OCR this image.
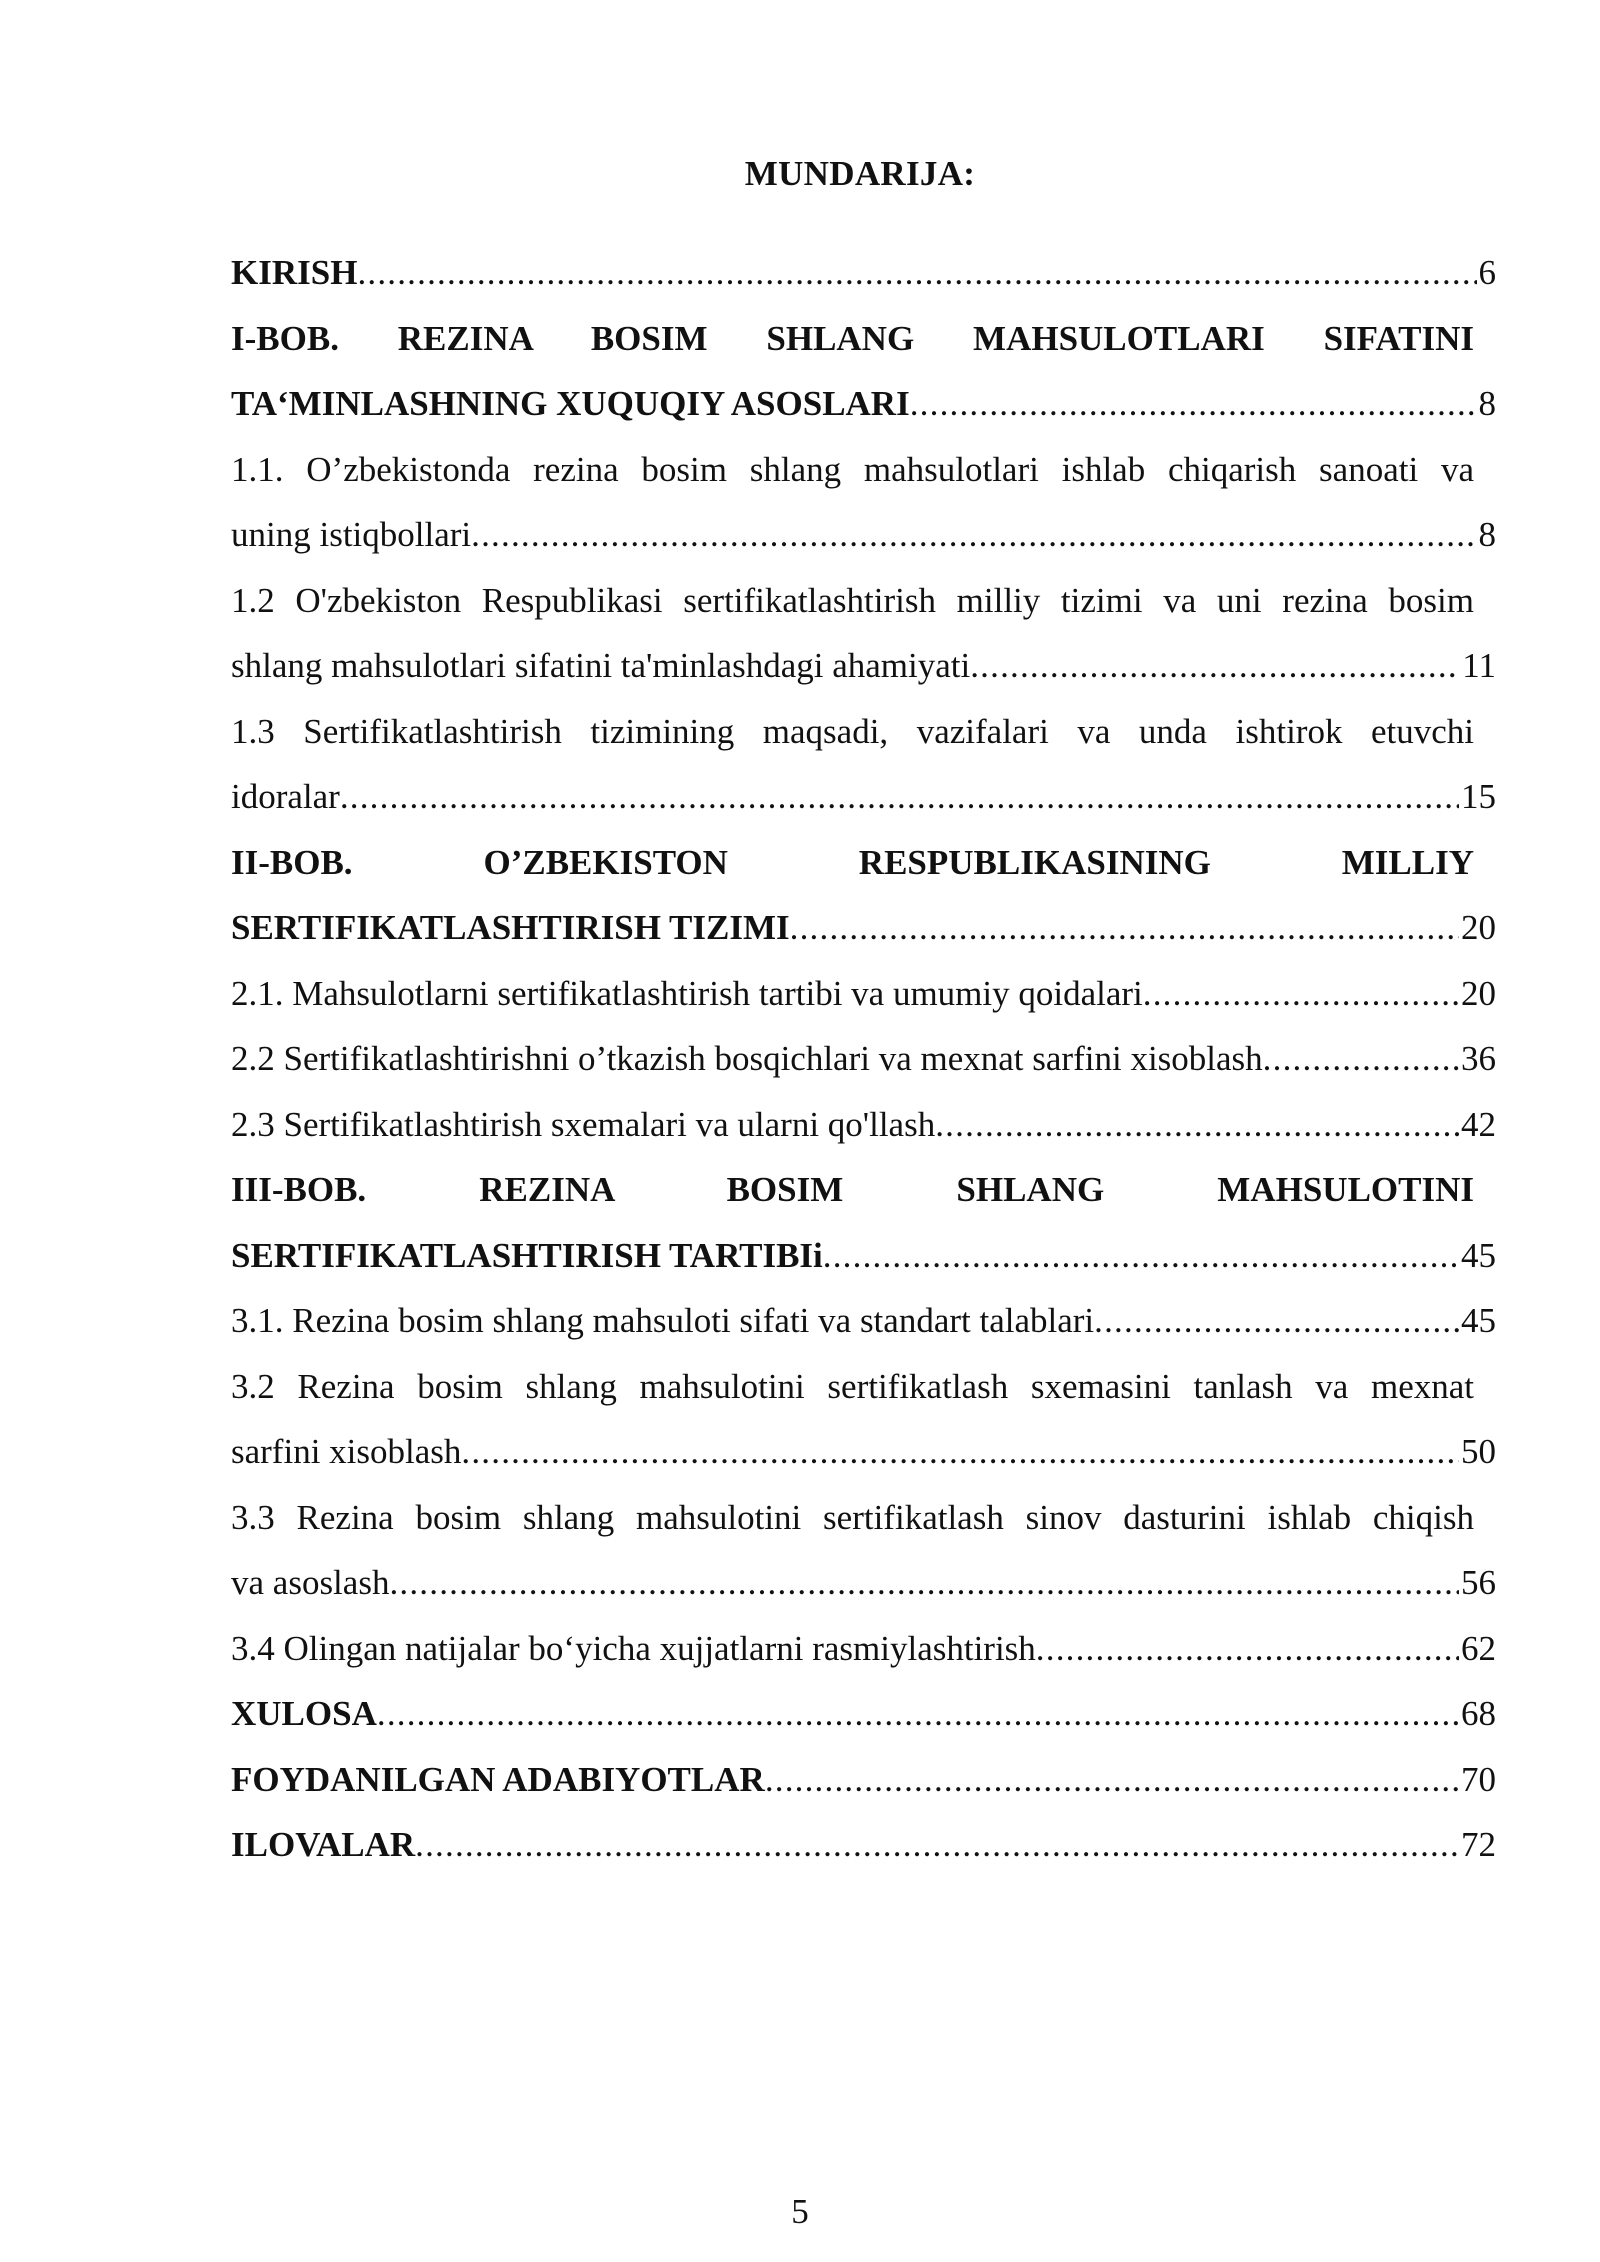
MUNDARIJA:
KIRISH .....	6
I-BOB. REZINA BOSIM SHLANG MAHSULOTLARI SIFATINI
TA‘MINLASHNING XUQUQIY ASOSLARI .....	8
1.1. O’zbekistonda rezina bosim shlang mahsulotlari ishlab chiqarish sanoati va
uning istiqbollari .....	8
1.2 O'zbekiston Respublikasi sertifikatlashtirish milliy tizimi va uni rezina bosim
shlang mahsulotlari sifatini ta'minlashdagi ahamiyati .....	11
1.3 Sertifikatlashtirish tizimining maqsadi, vazifalari va unda ishtirok etuvchi
idoralar .....	15
II-BOB. O’ZBEKISTON RESPUBLIKASINING MILLIY
SERTIFIKATLASHTIRISH TIZIMI .....	20
2.1. Mahsulotlarni sertifikatlashtirish tartibi va umumiy qoidalari .....	20
2.2 Sertifikatlashtirishni o’tkazish bosqichlari va mexnat sarfini xisoblash .....	36
2.3 Sertifikatlashtirish sxemalari va ularni qo'llash .....	42
III-BOB. REZINA BOSIM SHLANG MAHSULOTINI
SERTIFIKATLASHTIRISH TARTIBIi .....	45
3.1. Rezina bosim shlang mahsuloti sifati va standart talablari .....	45
3.2 Rezina bosim shlang mahsulotini sertifikatlash sxemasini tanlash va mexnat
sarfini xisoblash .....	50
3.3 Rezina bosim shlang mahsulotini sertifikatlash sinov dasturini ishlab chiqish
va asoslash .....	56
3.4 Olingan natijalar bo‘yicha xujjatlarni rasmiylashtirish .....	62
XULOSA .....	68
FOYDANILGAN ADABIYOTLAR .....	70
ILOVALAR .....	72
5
